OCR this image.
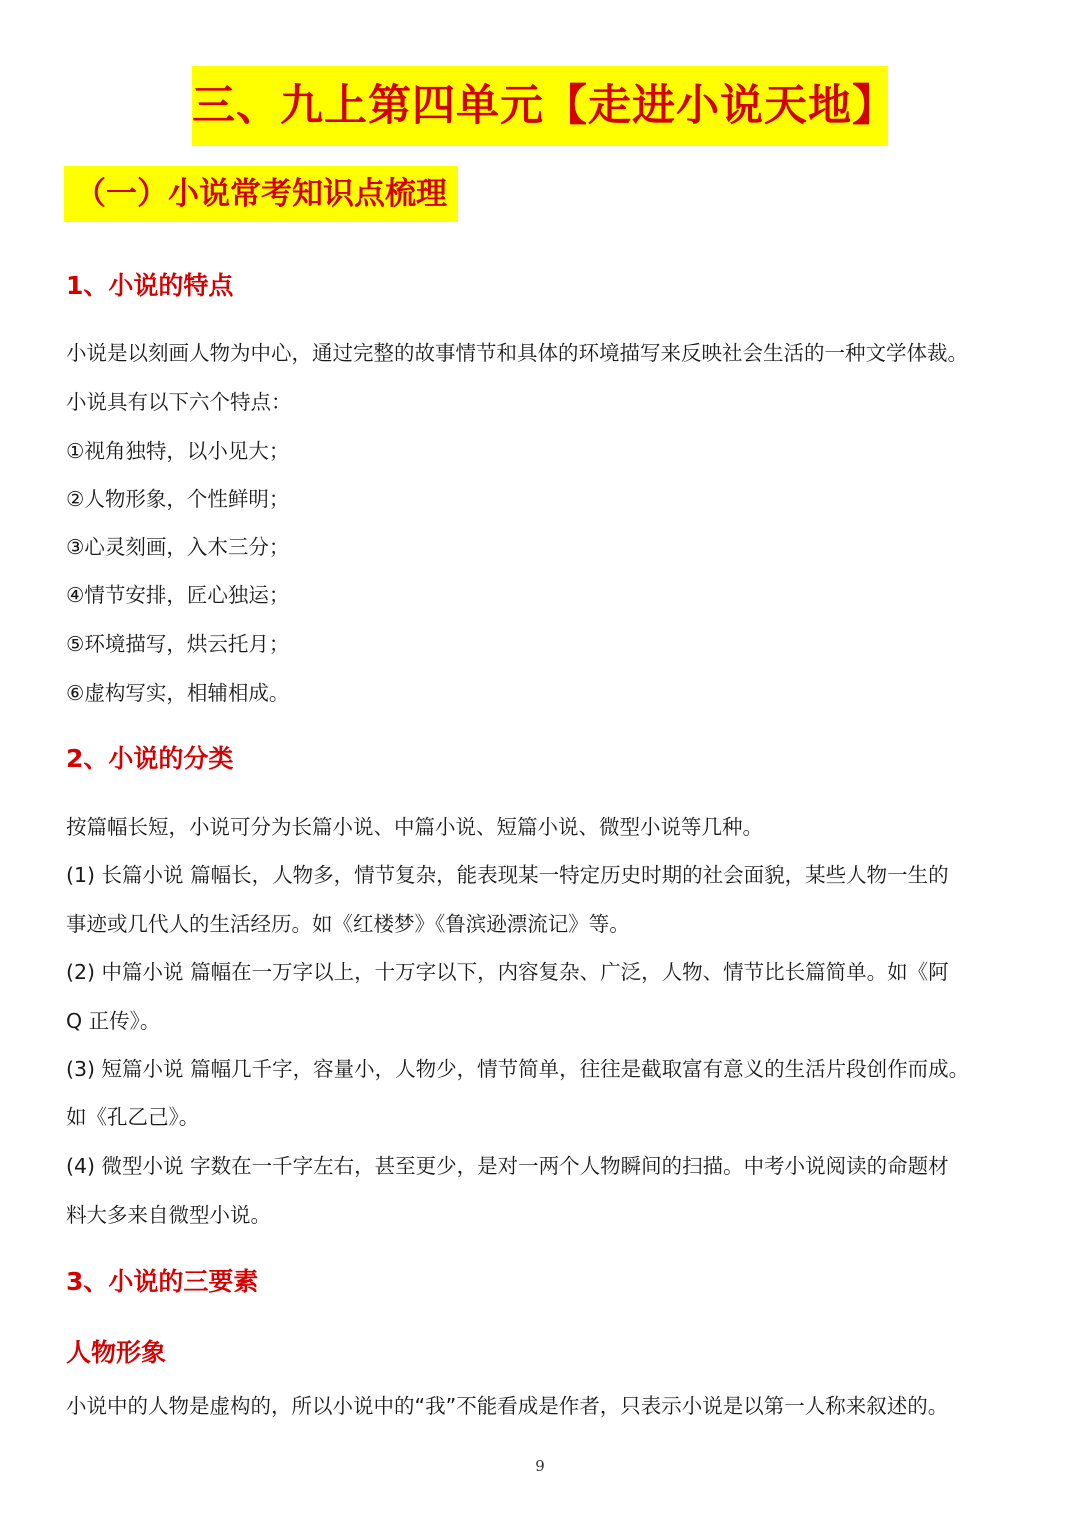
三、九上第四单元【走进小说天地】
（一）小说常考知识点梳理
1、小说的特点
小说是以刻画人物为中心，通过完整的故事情节和具体的环境描写来反映社会生活的一种文学体裁。
小说具有以下六个特点：
①视角独特，以小见大；
②人物形象，个性鲜明；
③心灵刻画，入木三分；
④情节安排，匠心独运；
⑤环境描写，烘云托月；
⑥虚构写实，相辅相成。
2、小说的分类
按篇幅长短，小说可分为长篇小说、中篇小说、短篇小说、微型小说等几种。
(1) 长篇小说 篇幅长，人物多，情节复杂，能表现某一特定历史时期的社会面貌，某些人物一生的
事迹或几代人的生活经历。如《红楼梦》《鲁滨逊漂流记》等。
(2) 中篇小说 篇幅在一万字以上，十万字以下，内容复杂、广泛，人物、情节比长篇简单。如《阿
Q 正传》。
(3) 短篇小说 篇幅几千字，容量小，人物少，情节简单，往往是截取富有意义的生活片段创作而成。
如《孔乙己》。
(4) 微型小说 字数在一千字左右，甚至更少，是对一两个人物瞬间的扫描。中考小说阅读的命题材
料大多来自微型小说。
3、小说的三要素
人物形象
小说中的人物是虚构的，所以小说中的“我”不能看成是作者，只表示小说是以第一人称来叙述的。
9
